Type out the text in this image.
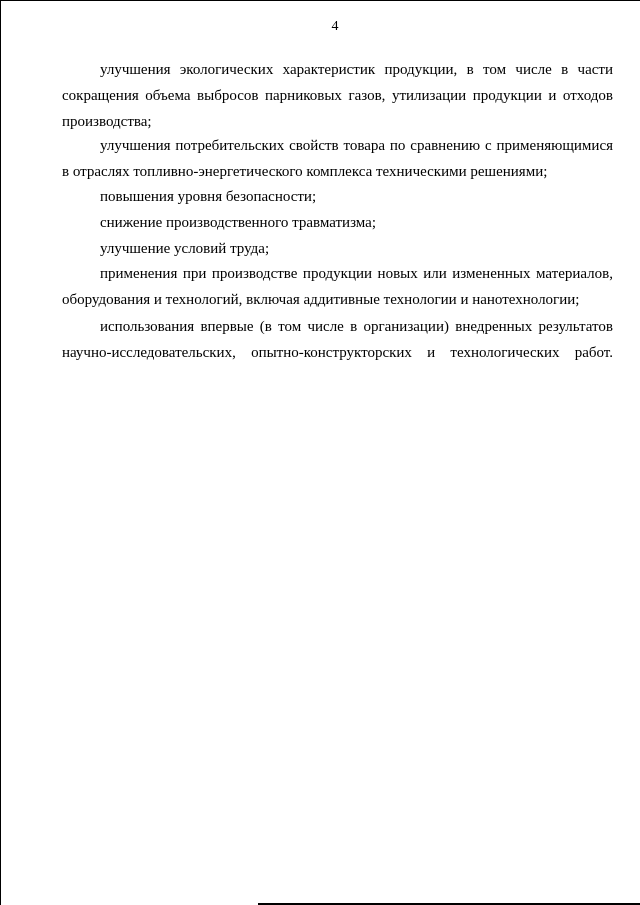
4

улучшения экологических характеристик продукции, в том числе в части сокращения объема выбросов парниковых газов, утилизации продукции и отходов производства;

улучшения потребительских свойств товара по сравнению с применяющимися в отраслях топливно-энергетического комплекса техническими решениями;

повышения уровня безопасности;

снижение производственного травматизма;

улучшение условий труда;

применения при производстве продукции новых или измененных материалов, оборудования и технологий, включая аддитивные технологии и нанотехнологии;

использования впервые (в том числе в организации) внедренных результатов научно-исследовательских, опытно-конструкторских и технологических работ.
